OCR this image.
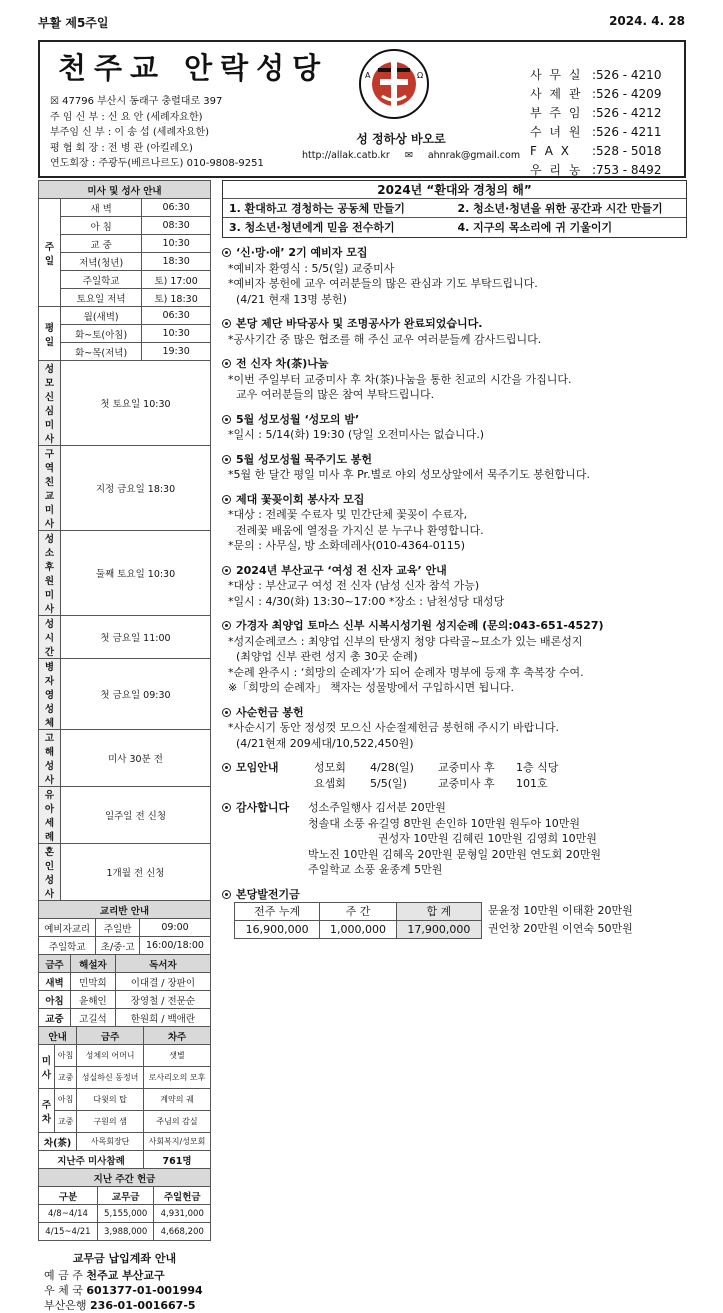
부활 제5주일	2024. 4. 28
천주교 안락성당
☒ 47796 부산시 동래구 충렬대로 397
주 임 신 부 : 신 요 안 (세례자요한)
부주임 신 부 : 이 송 섭 (세례자요한)
평 협 회 장 : 전 병 관 (아킬레오)
연도회장 : 주광두(베르나르도) 010-9808-9251
A	Ω
성 정하상 바오로
http://allak.catb.kr ✉ ahnrak@gmail.com
사 무 실 : 526 - 4210
사 제 관 : 526 - 4209
부 주 임 : 526 - 4212
수 녀 원 : 526 - 4211
F A X	: 528 - 5018
우 리 농 : 753 - 8492
미사 및 성사 안내		
주일	새 벽	06:30
	아 침	08:30
	교 중	10:30
	저녁(청년)	18:30
	주일학교	토) 17:00
	토요일 저녁	토) 18:30
평일	월(새벽)	06:30
	화~토(아침)	10:30
	화~목(저녁)	19:30
성모신심미사	첫 토요일 10:30	
구역친교미사	지정 금요일 18:30	
성소후원미사	둘째 토요일 10:30	
성 시 간	첫 금요일 11:00	
병자영성체	첫 금요일 09:30	
고 해 성 사	미사 30분 전	
유 아 세 례	일주일 전 신청	
혼 인 성 사	1개월 전 신청	
교리반 안내		
예비자교리	주일반	09:00
주일학교	초/중·고	16:00/18:00
금주	해설자	독서자
새벽	민막희	이대결 / 장판이
아침	윤해인	장영철 / 전문순
교중	고길석	한원희 / 백애란
안내		금주	차주
미사	아침	성체의 어머니	샛별
	교중	성실하신 동정녀	로사리오의 모후
주차	아침	다윗의 탑	계약의 궤
	교중	구원의 샘	주님의 감실
차(茶)		사목회장단	사회복지/성모회
지난주 미사참례			761명
지난 주간 헌금		
구분	교무금	주일헌금
4/8~4/14	5,155,000	4,931,000
4/15~4/21	3,988,000	4,668,200
교무금 납입계좌 안내
예 금 주 천주교 부산교구
우 체 국 601377-01-001994
부산은행 236-01-001667-5
2024년 “환대와 경청의 해”
1. 환대하고 경청하는 공동체 만들기	2. 청소년·청년을 위한 공간과 시간 만들기
3. 청소년·청년에게 믿음 전수하기	4. 지구의 목소리에 귀 기울이기
‘신·망·애’ 2기 예비자 모집
*예비자 환영식 : 5/5(일) 교중미사
*예비자 봉헌에 교우 여러분들의 많은 관심과 기도 부탁드립니다.
(4/21 현재 13명 봉헌)
본당 제단 바닥공사 및 조명공사가 완료되었습니다.
*공사기간 중 많은 협조를 해 주신 교우 여러분들께 감사드립니다.
전 신자 차(茶)나눔
*이번 주일부터 교중미사 후 차(茶)나눔을 통한 친교의 시간을 가집니다.
교우 여러분들의 많은 참여 부탁드립니다.
5월 성모성월 ‘성모의 밤’
*일시 : 5/14(화) 19:30 (당일 오전미사는 없습니다.)
5월 성모성월 묵주기도 봉헌
*5월 한 달간 평일 미사 후 Pr.별로 야외 성모상앞에서 묵주기도 봉헌합니다.
제대 꽃꽂이회 봉사자 모집
*대상 : 전례꽃 수료자 및 민간단체 꽃꽂이 수료자,
전례꽃 배움에 열정을 가지신 분 누구나 환영합니다.
*문의 : 사무실, 방 소화데레사(010-4364-0115)
2024년 부산교구 ‘여성 전 신자 교육’ 안내
*대상 : 부산교구 여성 전 신자 (남성 신자 참석 가능)
*일시 : 4/30(화) 13:30~17:00 *장소 : 남천성당 대성당
가경자 최양업 토마스 신부 시복시성기원 성지순례 (문의:043-651-4527)
*성지순례코스 : 최양업 신부의 탄생지 청양 다락골~묘소가 있는 배론성지
(최양업 신부 관련 성지 총 30곳 순례)
*순례 완주시 : ‘희망의 순례자’가 되어 순례자 명부에 등재 후 축복장 수여.
※「희망의 순례자」 책자는 성물방에서 구입하시면 됩니다.
사순헌금 봉헌
*사순시기 동안 정성껏 모으신 사순절제헌금 봉헌해 주시기 바랍니다.
(4/21현재 209세대/10,522,450원)
모임안내	성모회	4/28(일)	교중미사 후	1층 식당
요셉회	5/5(일)	교중미사 후	101호
감사합니다	성소주일행사 김서분 20만원
청솔대 소풍 유길영 8만원 손인하 10만원 원두아 10만원
권성자 10만원 김혜린 10만원 김영희 10만원
박노진 10만원 김혜옥 20만원 문형일 20만원 연도회 20만원
주일학교 소풍 윤종계 5만원
본당발전기금
전주 누계	주 간	합 계
16,900,000	1,000,000	17,900,000
문윤정 10만원 이태환 20만원
권언창 20만원 이연숙 50만원
